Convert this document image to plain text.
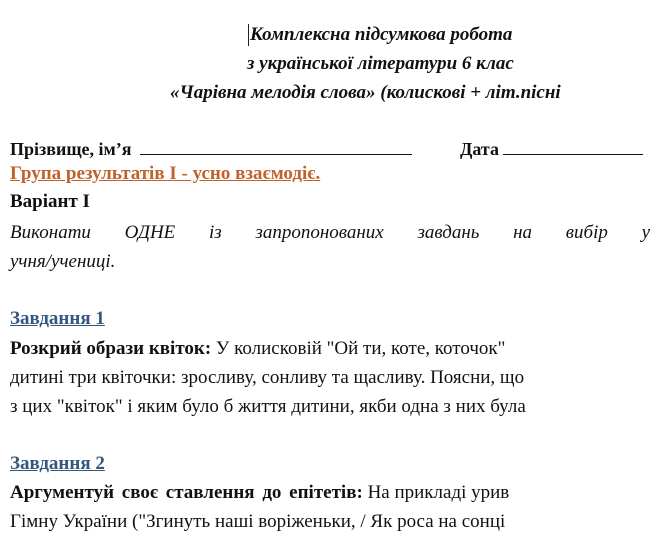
Комплексна підсумкова робота
з української літератури 6 клас
«Чарівна мелодія слова» (колискові + літ.пісні
Прізвище, ім’я	Дата
Група результатів І - усно взаємодіє.
Варіант І
Виконати ОДНЕ із запропонованих завдань на вибір у
учня/учениці.
Завдання 1
Розкрий образи квіток: У колисковій "Ой ти, коте, коточок"
дитині три квіточки: зросливу, сонливу та щасливу. Поясни, що
з цих "квіток" і яким було б життя дитини, якби одна з них була
Завдання 2
Аргументуй своє ставлення до епітетів: На прикладі урив
Гімну України ("Згинуть наші воріженьки, / Як роса на сонці
